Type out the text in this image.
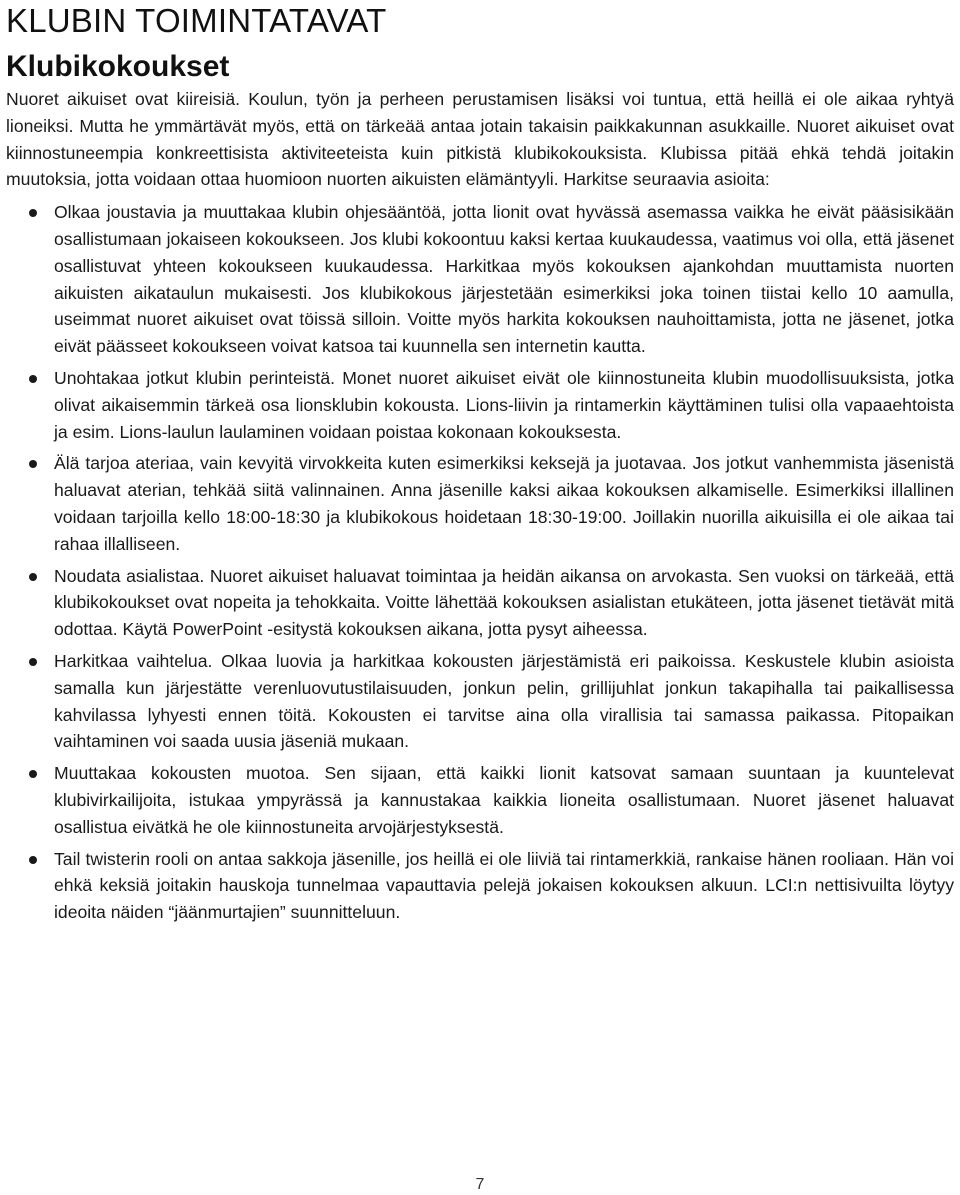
KLUBIN TOIMINTATAVAT
Klubikokoukset

Nuoret aikuiset ovat kiireisiä. Koulun, työn ja perheen perustamisen lisäksi voi tuntua, että heillä ei ole aikaa ryhtyä lioneiksi. Mutta he ymmärtävät myös, että on tärkeää antaa jotain takaisin paikkakunnan asukkaille. Nuoret aikuiset ovat kiinnostuneempia konkreettisista aktiviteeteista kuin pitkistä klubikokouksista. Klubissa pitää ehkä tehdä joitakin muutoksia, jotta voidaan ottaa huomioon nuorten aikuisten elämäntyyli. Harkitse seuraavia asioita:

Olkaa joustavia ja muuttakaa klubin ohjesääntöä, jotta lionit ovat hyvässä asemassa vaikka he eivät pääsisikään osallistumaan jokaiseen kokoukseen. Jos klubi kokoontuu kaksi kertaa kuukaudessa, vaatimus voi olla, että jäsenet osallistuvat yhteen kokoukseen kuukaudessa. Harkitkaa myös kokouksen ajankohdan muuttamista nuorten aikuisten aikataulun mukaisesti. Jos klubikokous järjestetään esimerkiksi joka toinen tiistai kello 10 aamulla, useimmat nuoret aikuiset ovat töissä silloin. Voitte myös harkita kokouksen nauhoittamista, jotta ne jäsenet, jotka eivät päässeet kokoukseen voivat katsoa tai kuunnella sen internetin kautta.
Unohtakaa jotkut klubin perinteistä. Monet nuoret aikuiset eivät ole kiinnostuneita klubin muodollisuuksista, jotka olivat aikaisemmin tärkeä osa lionsklubin kokousta. Lions-liivin ja rintamerkin käyttäminen tulisi olla vapaaehtoista ja esim. Lions-laulun laulaminen voidaan poistaa kokonaan kokouksesta.
Älä tarjoa ateriaa, vain kevyitä virvokkeita kuten esimerkiksi keksejä ja juotavaa. Jos jotkut vanhemmista jäsenistä haluavat aterian, tehkää siitä valinnainen. Anna jäsenille kaksi aikaa kokouksen alkamiselle. Esimerkiksi illallinen voidaan tarjoilla kello 18:00-18:30 ja klubikokous hoidetaan 18:30-19:00. Joillakin nuorilla aikuisilla ei ole aikaa tai rahaa illalliseen.
Noudata asialistaa. Nuoret aikuiset haluavat toimintaa ja heidän aikansa on arvokasta. Sen vuoksi on tärkeää, että klubikokoukset ovat nopeita ja tehokkaita. Voitte lähettää kokouksen asialistan etukäteen, jotta jäsenet tietävät mitä odottaa. Käytä PowerPoint -esitystä kokouksen aikana, jotta pysyt aiheessa.
Harkitkaa vaihtelua. Olkaa luovia ja harkitkaa kokousten järjestämistä eri paikoissa. Keskustele klubin asioista samalla kun järjestätte verenluovutustilaisuuden, jonkun pelin, grillijuhlat jonkun takapihalla tai paikallisessa kahvilassa lyhyesti ennen töitä. Kokousten ei tarvitse aina olla virallisia tai samassa paikassa. Pitopaikan vaihtaminen voi saada uusia jäseniä mukaan.
Muuttakaa kokousten muotoa. Sen sijaan, että kaikki lionit katsovat samaan suuntaan ja kuuntelevat klubivirkailijoita, istukaa ympyrässä ja kannustakaa kaikkia lioneita osallistumaan. Nuoret jäsenet haluavat osallistua eivätkä he ole kiinnostuneita arvojärjestyksestä.
Tail twisterin rooli on antaa sakkoja jäsenille, jos heillä ei ole liiviä tai rintamerkkiä, rankaise hänen rooliaan. Hän voi ehkä keksiä joitakin hauskoja tunnelmaa vapauttavia pelejä jokaisen kokouksen alkuun. LCI:n nettisivuilta löytyy ideoita näiden “jäänmurtajien” suunnitteluun.
7
